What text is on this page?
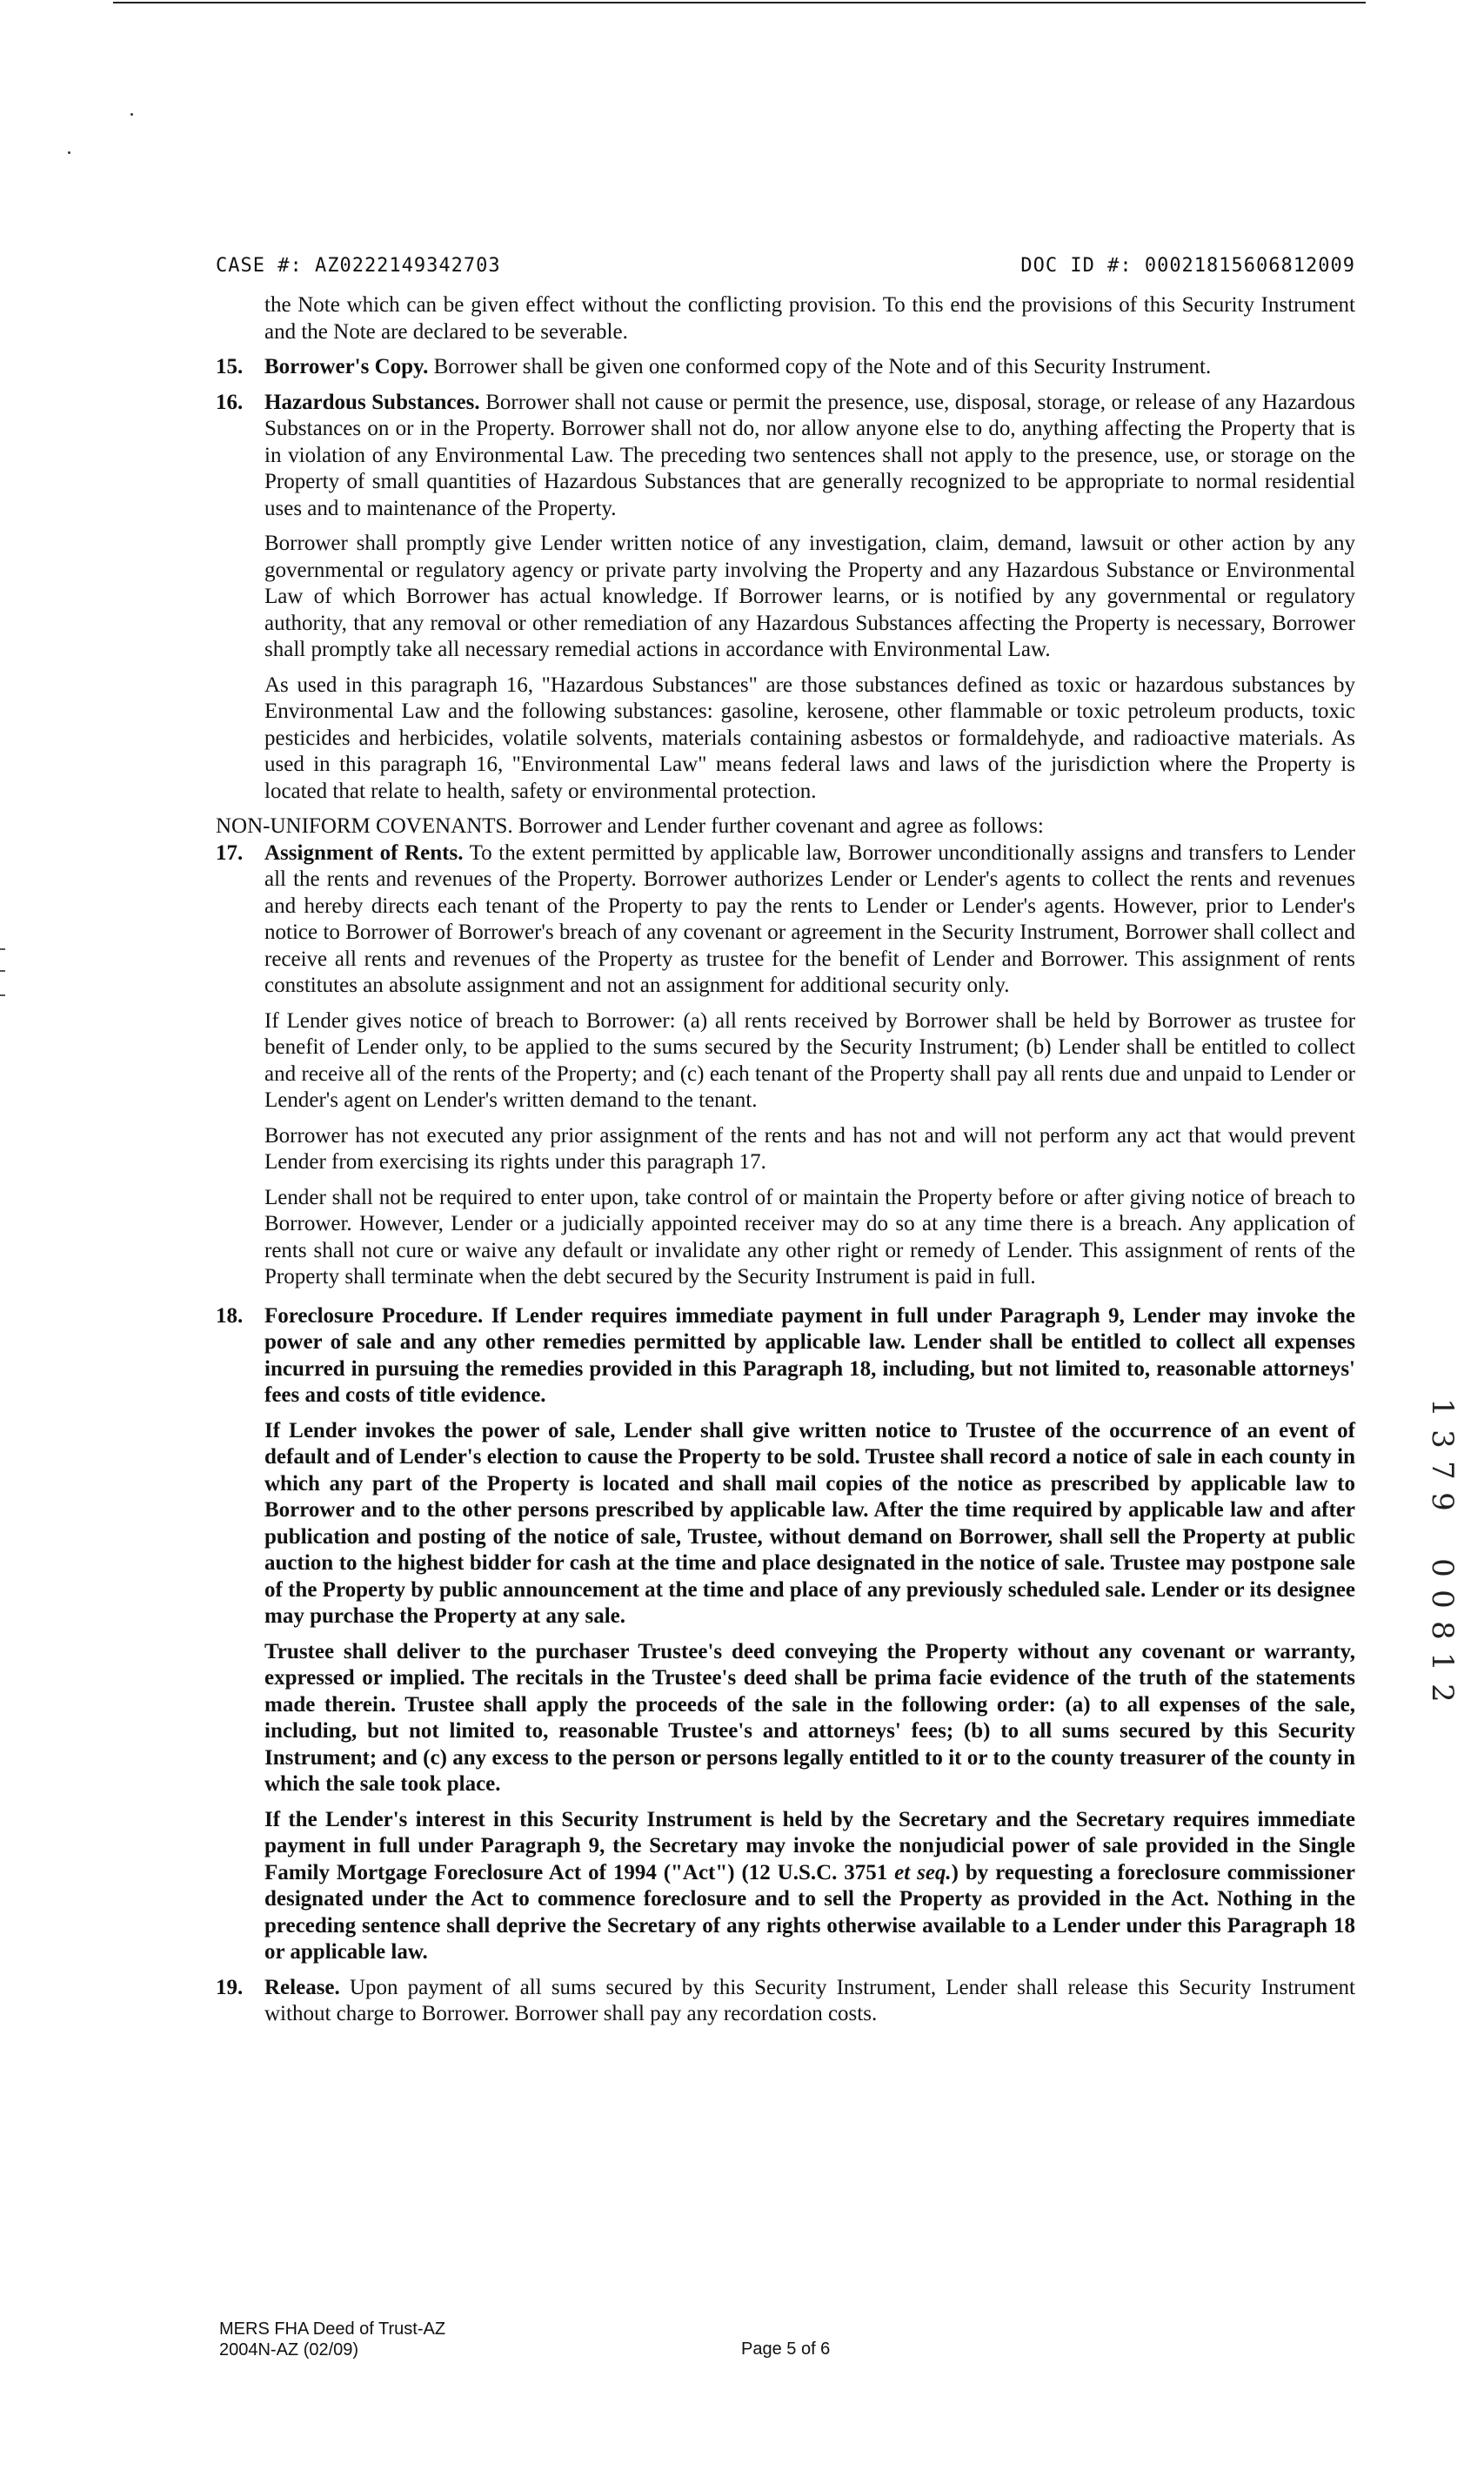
CASE #: AZ0222149342703	DOC ID #: 00021815606812009

the Note which can be given effect without the conflicting provision. To this end the provisions of this Security Instrument and the Note are declared to be severable.

15. Borrower's Copy. Borrower shall be given one conformed copy of the Note and of this Security Instrument.
16. Hazardous Substances. Borrower shall not cause or permit the presence, use, disposal, storage, or release of any Hazardous Substances on or in the Property. Borrower shall not do, nor allow anyone else to do, anything affecting the Property that is in violation of any Environmental Law. The preceding two sentences shall not apply to the presence, use, or storage on the Property of small quantities of Hazardous Substances that are generally recognized to be appropriate to normal residential uses and to maintenance of the Property.

Borrower shall promptly give Lender written notice of any investigation, claim, demand, lawsuit or other action by any governmental or regulatory agency or private party involving the Property and any Hazardous Substance or Environmental Law of which Borrower has actual knowledge. If Borrower learns, or is notified by any governmental or regulatory authority, that any removal or other remediation of any Hazardous Substances affecting the Property is necessary, Borrower shall promptly take all necessary remedial actions in accordance with Environmental Law.

As used in this paragraph 16, "Hazardous Substances" are those substances defined as toxic or hazardous substances by Environmental Law and the following substances: gasoline, kerosene, other flammable or toxic petroleum products, toxic pesticides and herbicides, volatile solvents, materials containing asbestos or formaldehyde, and radioactive materials. As used in this paragraph 16, "Environmental Law" means federal laws and laws of the jurisdiction where the Property is located that relate to health, safety or environmental protection.

NON-UNIFORM COVENANTS. Borrower and Lender further covenant and agree as follows:

17. Assignment of Rents. To the extent permitted by applicable law, Borrower unconditionally assigns and transfers to Lender all the rents and revenues of the Property. Borrower authorizes Lender or Lender's agents to collect the rents and revenues and hereby directs each tenant of the Property to pay the rents to Lender or Lender's agents. However, prior to Lender's notice to Borrower of Borrower's breach of any covenant or agreement in the Security Instrument, Borrower shall collect and receive all rents and revenues of the Property as trustee for the benefit of Lender and Borrower. This assignment of rents constitutes an absolute assignment and not an assignment for additional security only.

If Lender gives notice of breach to Borrower: (a) all rents received by Borrower shall be held by Borrower as trustee for benefit of Lender only, to be applied to the sums secured by the Security Instrument; (b) Lender shall be entitled to collect and receive all of the rents of the Property; and (c) each tenant of the Property shall pay all rents due and unpaid to Lender or Lender's agent on Lender's written demand to the tenant.

Borrower has not executed any prior assignment of the rents and has not and will not perform any act that would prevent Lender from exercising its rights under this paragraph 17.

Lender shall not be required to enter upon, take control of or maintain the Property before or after giving notice of breach to Borrower. However, Lender or a judicially appointed receiver may do so at any time there is a breach. Any application of rents shall not cure or waive any default or invalidate any other right or remedy of Lender. This assignment of rents of the Property shall terminate when the debt secured by the Security Instrument is paid in full.

18. Foreclosure Procedure. If Lender requires immediate payment in full under Paragraph 9, Lender may invoke the power of sale and any other remedies permitted by applicable law. Lender shall be entitled to collect all expenses incurred in pursuing the remedies provided in this Paragraph 18, including, but not limited to, reasonable attorneys' fees and costs of title evidence.

If Lender invokes the power of sale, Lender shall give written notice to Trustee of the occurrence of an event of default and of Lender's election to cause the Property to be sold. Trustee shall record a notice of sale in each county in which any part of the Property is located and shall mail copies of the notice as prescribed by applicable law to Borrower and to the other persons prescribed by applicable law. After the time required by applicable law and after publication and posting of the notice of sale, Trustee, without demand on Borrower, shall sell the Property at public auction to the highest bidder for cash at the time and place designated in the notice of sale. Trustee may postpone sale of the Property by public announcement at the time and place of any previously scheduled sale. Lender or its designee may purchase the Property at any sale.

Trustee shall deliver to the purchaser Trustee's deed conveying the Property without any covenant or warranty, expressed or implied. The recitals in the Trustee's deed shall be prima facie evidence of the truth of the statements made therein. Trustee shall apply the proceeds of the sale in the following order: (a) to all expenses of the sale, including, but not limited to, reasonable Trustee's and attorneys' fees; (b) to all sums secured by this Security Instrument; and (c) any excess to the person or persons legally entitled to it or to the county treasurer of the county in which the sale took place.

If the Lender's interest in this Security Instrument is held by the Secretary and the Secretary requires immediate payment in full under Paragraph 9, the Secretary may invoke the nonjudicial power of sale provided in the Single Family Mortgage Foreclosure Act of 1994 ("Act") (12 U.S.C. 3751 et seq.) by requesting a foreclosure commissioner designated under the Act to commence foreclosure and to sell the Property as provided in the Act. Nothing in the preceding sentence shall deprive the Secretary of any rights otherwise available to a Lender under this Paragraph 18 or applicable law.

19. Release. Upon payment of all sums secured by this Security Instrument, Lender shall release this Security Instrument without charge to Borrower. Borrower shall pay any recordation costs.
1
3
7
9
0
0
8
1
2
MERS FHA Deed of Trust-AZ
2004N-AZ (02/09)	Page 5 of 6
